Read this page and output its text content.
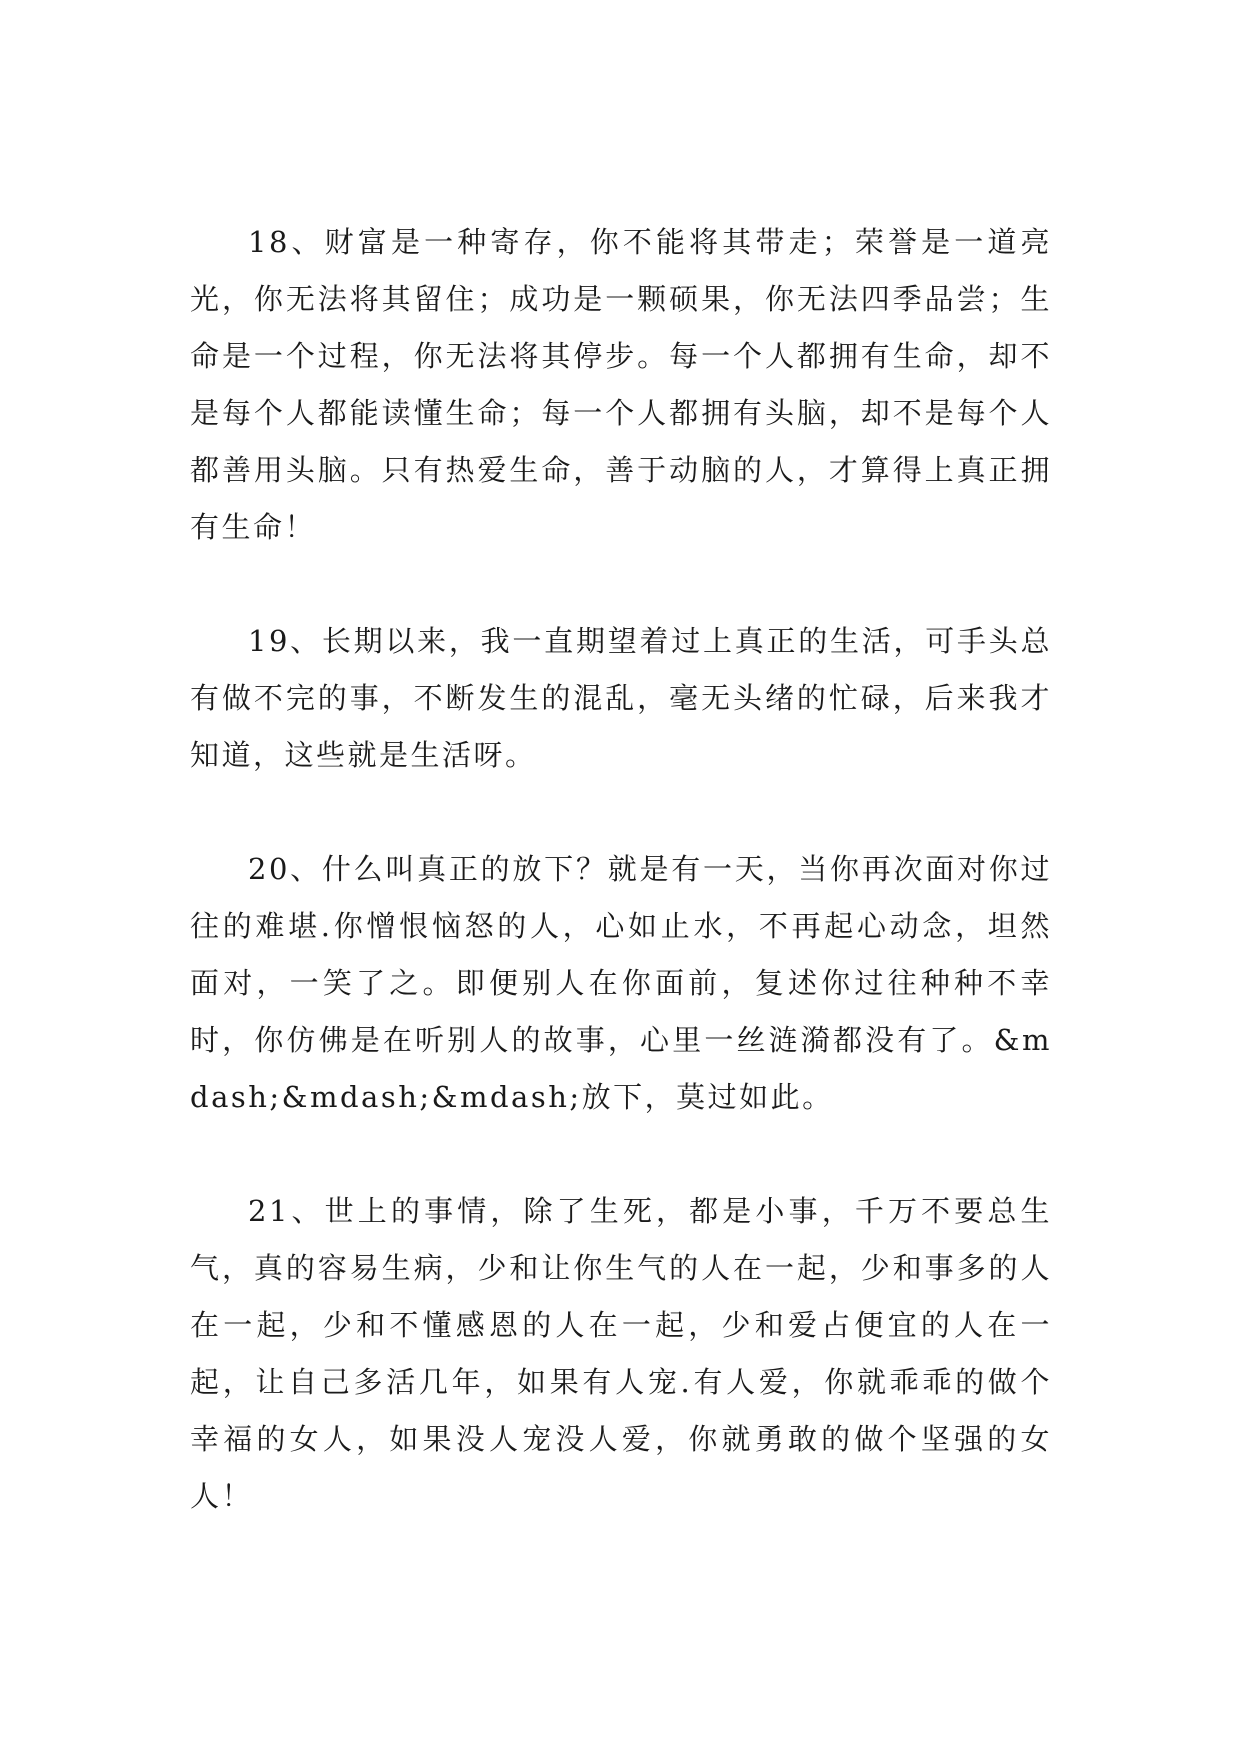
18、财富是一种寄存，你不能将其带走；荣誉是一道亮光，你无法将其留住；成功是一颗硕果，你无法四季品尝；生命是一个过程，你无法将其停步。每一个人都拥有生命，却不是每个人都能读懂生命；每一个人都拥有头脑，却不是每个人都善用头脑。只有热爱生命，善于动脑的人，才算得上真正拥有生命！

19、长期以来，我一直期望着过上真正的生活，可手头总有做不完的事，不断发生的混乱，毫无头绪的忙碌，后来我才知道，这些就是生活呀。

20、什么叫真正的放下？就是有一天，当你再次面对你过往的难堪.你憎恨恼怒的人，心如止水，不再起心动念，坦然面对，一笑了之。即便别人在你面前，复述你过往种种不幸时，你仿佛是在听别人的故事，心里一丝涟漪都没有了。&mdash;&mdash;&mdash;放下，莫过如此。

21、世上的事情，除了生死，都是小事，千万不要总生气，真的容易生病，少和让你生气的人在一起，少和事多的人在一起，少和不懂感恩的人在一起，少和爱占便宜的人在一起，让自己多活几年，如果有人宠.有人爱，你就乖乖的做个幸福的女人，如果没人宠没人爱，你就勇敢的做个坚强的女人！
